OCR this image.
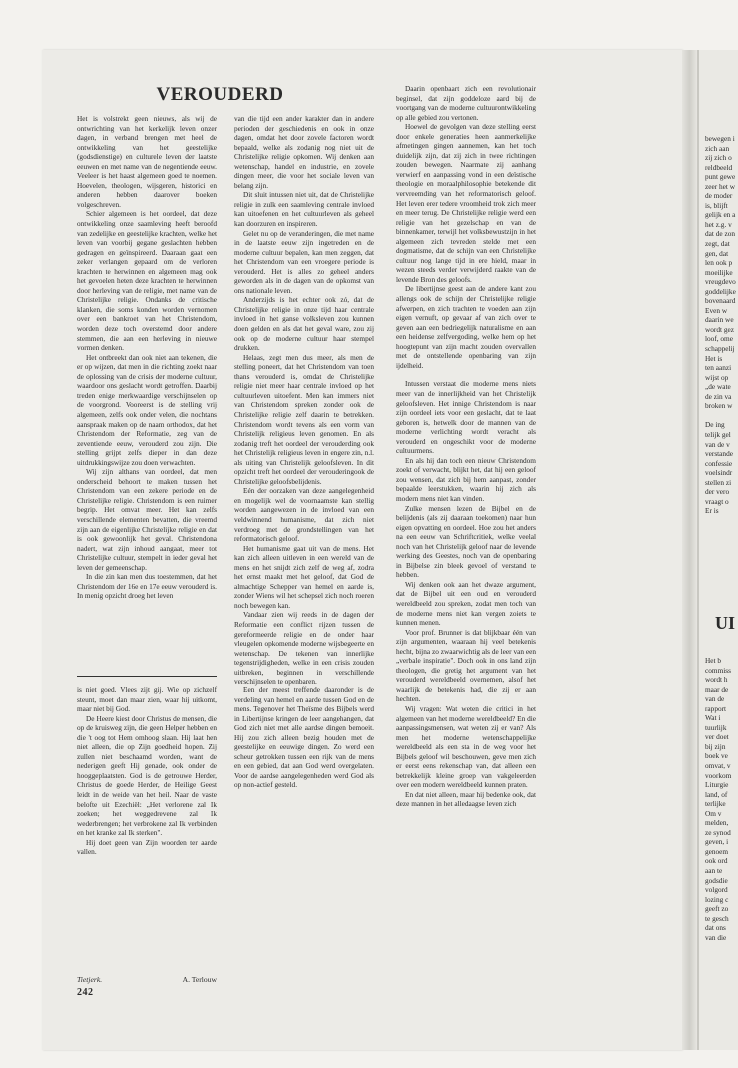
VEROUDERD

Het is volstrekt geen nieuws, als wij de ontwrichting van het kerkelijk leven onzer dagen, in verband brengen met heel de ontwikkeling van het geestelijke (godsdienstige) en culturele leven der laatste eeuwen en met name van de negentiende eeuw. Veeleer is het haast algemeen goed te noemen. Hoevelen, theologen, wijsgeren, historici en anderen hebben daarover boeken volgeschreven.

Schier algemeen is het oordeel, dat deze ontwikkeling onze saamleving heeft beroofd van zedelijke en geestelijke krachten, welke het leven van voorbij gegane geslachten hebben gedragen en geïnspireerd. Daaraan gaat een zeker verlangen gepaard om de verloren krachten te herwinnen en algemeen mag ook het gevoelen heten deze krachten te herwinnen door herleving van de religie, met name van de Christelijke religie. Ondanks de critische klanken, die soms konden worden vernomen over een bankroet van het Christendom, worden deze toch overstemd door andere stemmen, die aan een herleving in nieuwe vormen denken.

Het ontbreekt dan ook niet aan tekenen, die er op wijzen, dat men in die richting zoekt naar de oplossing van de crisis der moderne cultuur, waardoor ons geslacht wordt getroffen. Daarbij treden enige merkwaardige verschijnselen op de voorgrond. Vooreerst is de stelling vrij algemeen, zelfs ook onder velen, die nochtans aanspraak maken op de naam orthodox, dat het Christendom der Reformatie, zeg van de zeventiende eeuw, verouderd zou zijn. Die stelling grijpt zelfs dieper in dan deze uitdrukkingswijze zou doen verwachten.

Wij zijn althans van oordeel, dat men onderscheid behoort te maken tussen het Christendom van een zekere periode en de Christelijke religie. Christendom is een ruimer begrip. Het omvat meer. Het kan zelfs verschillende elementen bevatten, die vreemd zijn aan de eigenlijke Christelijke religie en dat is ook gewoonlijk het geval. Christendona nadert, wat zijn inhoud aangaat, meer tot Christelijke cultuur, stempelt in ieder geval het leven der gemeenschap.

In die zin kan men dus toestemmen, dat het Christendom der 16e en 17e eeuw verouderd is. In menig opzicht droeg het leven

van die tijd een ander karakter dan in andere perioden der geschiedenis en ook in onze dagen, omdat het door zovele factoren wordt bepaald, welke als zodanig nog niet uit de Christelijke religie opkomen. Wij denken aan wetenschap, handel en industrie, en zovele dingen meer, die voor het sociale leven van belang zijn.

Dit sluit intussen niet uit, dat de Christelijke religie in zulk een saamleving centrale invloed kan uitoefenen en het cultuurleven als geheel kan doorzuren en inspireren.

Gelet nu op de veranderingen, die met name in de laatste eeuw zijn ingetreden en de moderne cultuur bepalen, kan men zeggen, dat het Christendom van een vroegere periode is verouderd. Het is alles zo geheel anders geworden als in de dagen van de opkomst van ons nationale leven.

Anderzijds is het echter ook zó, dat de Christelijke religie in onze tijd haar centrale invloed in het ganse volksleven zou kunnen doen gelden en als dat het geval ware, zou zij ook op de moderne cultuur haar stempel drukken.

Helaas, zegt men dus meer, als men de stelling poneert, dat het Christendom van toen thans verouderd is, omdat de Christelijke religie niet meer haar centrale invloed op het cultuurleven uitoefent. Men kan immers niet van Christendom spreken zonder ook de Christelijke religie zelf daarin te betrekken. Christendom wordt tevens als een vorm van Christelijk religieus leven genomen. En als zodanig treft het oordeel der verouderding ook het Christelijk religieus leven in engere zin, n.l. als uiting van Christelijk geloofsleven. In dit opzicht treft het oordeel der verouderingook de Christelijke geloofsbelijdenis.

Eén der oorzaken van deze aangelegenheid en mogelijk wel de voornaamste kan stellig worden aangewezen in de invloed van een veldwinnend humanisme, dat zich niet verdroeg met de grondstellingen van het reformatorisch geloof.

Het humanisme gaat uit van de mens. Het kan zich alleen uitleven in een wereld van de mens en het snijdt zich zelf de weg af, zodra het ernst maakt met het geloof, dat God de almachtige Schepper van hemel en aarde is, zonder Wiens wil het schepsel zich noch roeren noch bewegen kan.

Vandaar zien wij reeds in de dagen der Reformatie een conflict rijzen tussen de gereformeerde religie en de onder haar vleugelen opkomende moderne wijsbegeerte en wetenschap. De tekenen van innerlijke tegenstrijdigheden, welke in een crisis zouden uitbreken, beginnen in verschillende verschijnselen te openbaren.

Daarin openbaart zich een revolutionair beginsel, dat zijn goddeloze aard bij de voortgang van de moderne cultuurontwikkeling op alle gebied zou vertonen.

Hoewel de gevolgen van deze stelling eerst door enkele generaties heen aanmerkelijke afmetingen gingen aannemen, kan het toch duidelijk zijn, dat zij zich in twee richtingen zouden bewegen. Naarmate zij aanhang verwierf en aanpassing vond in een deïstische theologie en moraalphilosophie betekende dit vervreemding van het reformatorisch geloof. Het leven erer tedere vroomheid trok zich meer en meer terug. De Christelijke religie werd een religie van het gezelschap en van de binnenkamer, terwijl het volksbewustzijn in het algemeen zich tevreden stelde met een dogmatisme, dat de schijn van een Christelijke cultuur nog lange tijd in ere hield, maar in wezen steeds verder verwijderd raakte van de levende Bron des geloofs.

De libertijnse geest aan de andere kant zou allengs ook de schijn der Christelijke religie afwerpen, en zich trachten te voeden aan zijn eigen vernuft, op gevaar af van zich over te geven aan een bedriegelijk naturalisme en aan een heidense zelfvergoding, welke hem op het hoogtepunt van zijn macht zouden overvallen met de ontstellende openbaring van zijn ijdelheid.

Intussen verstaat die moderne mens niets meer van de innerlijkheid van het Christelijk geloofsleven. Het innige Christendom is naar zijn oordeel iets voor een geslacht, dat te laat geboren is, hetwelk door de mannen van de moderne verlichting wordt veracht als verouderd en ongeschikt voor de moderne cultuurmens.

En als hij dan toch een nieuw Christendom zoekt of verwacht, blijkt het, dat hij een geloof zou wensen, dat zich bij hem aanpast, zonder bepaalde leerstukken, waarin hij zich als modern mens niet kan vinden.

Zulke mensen lezen de Bijbel en de belijdenis (als zij daaraan toekomen) naar hun eigen opvatting en oordeel. Hoe zou het anders na een eeuw van Schriftcritiek, welke veelal noch van het Christelijk geloof naar de levende werking des Geestes, noch van de openbaring in Bijbelse zin bleek gevoel of verstand te hebben.

Wij denken ook aan het dwaze argument, dat de Bijbel uit een oud en verouderd wereldbeeld zou spreken, zodat men toch van de moderne mens niet kan vergen zoiets te kunnen menen.

Voor prof. Brunner is dat blijkbaar één van zijn argumenten, waaraan hij veel betekenis hecht, bijna zo zwaarwichtig als de leer van een „verbale inspiratie". Doch ook in ons land zijn theologen, die gretig het argument van het verouderd wereldbeeld overnemen, alsof het waarlijk de betekenis had, die zij er aan hechten.

Wij vragen: Wat weten die critici in het algemeen van het moderne wereldbeeld? En die aanpassingsmensen, wat weten zij er van? Als men het moderne wetenschappelijke wereldbeeld als een sta in de weg voor het Bijbels geloof wil beschouwen, geve men zich er eerst eens rekenschap van, dat alleen een betrekkelijk kleine groep van vakgeleerden over een modern wereldbeeld kunnen praten.

En dat niet alleen, maar hij bedenke ook, dat deze mannen in het alledaagse leven zich

is niet goed. Vlees zijt gij. Wie op zichzelf steunt, moet dan maar zien, waar hij uitkomt, maar niet bij God.

De Heere kiest door Christus de mensen, die op de kruisweg zijn, die geen Helper hebben en die 't oog tot Hem omhoog slaan. Hij laat hen niet alleen, die op Zijn goedheid hopen. Zij zullen niet beschaamd worden, want de nederigen geeft Hij genade, ook onder de hooggeplaatsten. God is de getrouwe Herder, Christus de goede Herder, de Heilige Geest leidt in de weide van het heil. Naar de vaste belofte uit Ezechiël: „Het verlorene zal Ik zoeken; het weggedrevene zal Ik wederbrengen; het verbrokene zal Ik verbinden en het kranke zal Ik sterken".

Hij doet geen van Zijn woorden ter aarde vallen.

Een der meest treffende daaronder is de verdeling van hemel en aarde tussen God en de mens. Tegenover het Theïsme des Bijbels werd in Libertijnse kringen de leer aangehangen, dat God zich niet met alle aardse dingen bemoeit. Hij zou zich alleen bezig houden met de geestelijke en eeuwige dingen. Zo werd een scheur getrokken tussen een rijk van de mens en een gebied, dat aan God werd overgelaten. Voor de aardse aangelegenheden werd God als op non-actief gesteld.

Tietjerk.	A. Terlouw
242
bewegen i
zich aan
zij zich o
reldbeeld
punt gewe
zeer het w
de moder
is, blijft
gelijk en a
het z.g. v
dat de zon
zegt, dat
gen, dat
len ook p
moeilijke
vreugdevo
goddelijke
bovenaard
Even w
daarin we
wordt gez
loof, ome
schappelij
Het is
ten aanzi
wijst op
„de wate
de zin va
broken w
De ing
telijk gel
van de v
verstande
confessie
voelsindr
stellen zi
der vero
vraagt o
Er is
UI
Het b
commiss
wordt h
maar de
van de
rapport
Wat i
tuurlijk
ver doet
bij zijn
boek ve
omvat, v
voorkom
Liturgie
land, of
terlijke
Om v
melden,
ze synod
geven, i
genoem
ook ord
aan te
godsdie
volgord
lozing c
geeft zo
te gesch
dat ons
van die
